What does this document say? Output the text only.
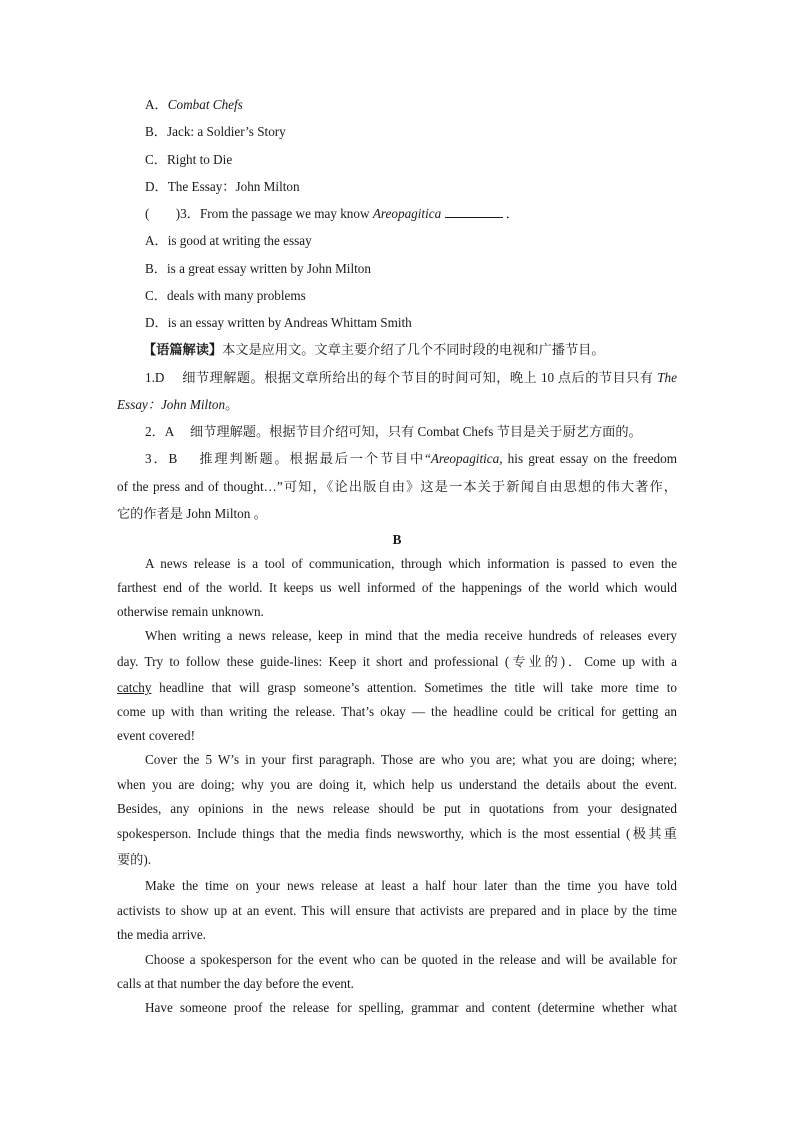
A．Combat Chefs
B．Jack: a Soldier’s Story
C．Right to Die
D．The Essay：John Milton
(　　)3．From the passage we may know Areopagitica	．
A．is good at writing the essay
B．is a great essay written by John Milton
C．deals with many problems
D．is an essay written by Andreas Whittam Smith
【语篇解读】本文是应用文。文章主要介绍了几个不同时段的电视和广播节目。
1.D　 细节理解题。根据文章所给出的每个节目的时间可知，晚上 10 点后的节目只有 The
Essay：John Milton。
2．A　 细节理解题。根据节目介绍可知，只有 Combat Chefs 节目是关于厨艺方面的。
3．B　 推理判断题。根据最后一个节目中“Areopagitica, his great essay on the freedom
of the press and of thought…”可知，《论出版自由》这是一本关于新闻自由思想的伟大著作，
它的作者是 John Milton 。
B
A news release is a tool of communication, through which information is passed to even the
farthest end of the world. It keeps us well informed of the happenings of the world which would
otherwise remain unknown.
When writing a news release, keep in mind that the media receive hundreds of releases every
day. Try to follow these guide-lines: Keep it short and professional (专业的)．Come up with a
catchy headline that will grasp someone’s attention. Sometimes the title will take more time to
come up with than writing the release. That’s okay — the headline could be critical for getting an
event covered!
Cover the 5 W’s in your first paragraph. Those are who you are; what you are doing; where;
when you are doing; why you are doing it, which help us understand the details about the event.
Besides, any opinions in the news release should be put in quotations from your designated
spokesperson. Include things that the media finds newsworthy, which is the most essential (极其重
要的).
Make the time on your news release at least a half hour later than the time you have told
activists to show up at an event. This will ensure that activists are prepared and in place by the time
the media arrive.
Choose a spokesperson for the event who can be quoted in the release and will be available for
calls at that number the day before the event.
Have someone proof the release for spelling, grammar and content (determine whether what
